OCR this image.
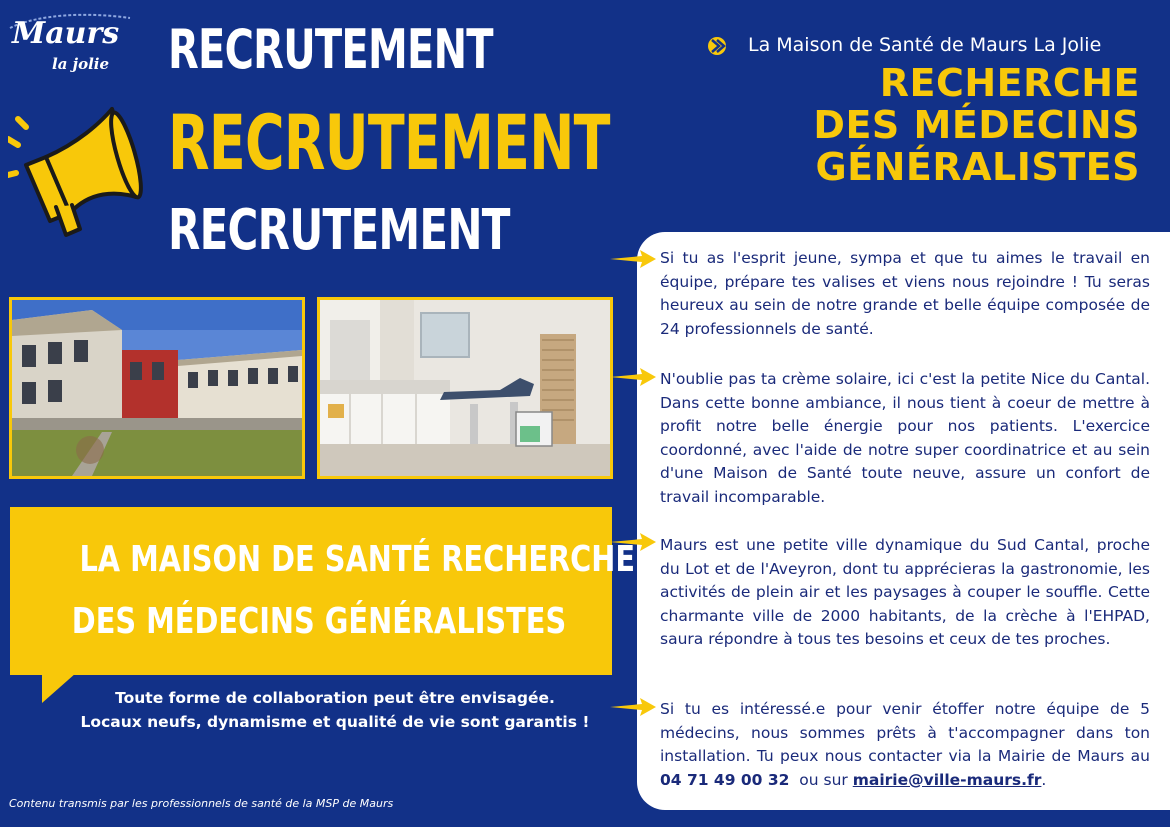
Maurs
la jolie RECRUTEMENT
RECRUTEMENT
RECRUTEMENT
La Maison de Santé de Maurs La Jolie
RECHERCHE
DES MÉDECINS
GÉNÉRALISTES
LA MAISON DE SANTÉ RECHERCHE
DES MÉDECINS GÉNÉRALISTES
Toute forme de collaboration peut être envisagée.
Locaux neufs, dynamisme et qualité de vie sont garantis !
Contenu transmis par les professionnels de santé de la MSP de Maurs
Si tu as l'esprit jeune, sympa et que tu aimes le travail en équipe, prépare tes valises et viens nous rejoindre ! Tu seras heureux au sein de notre grande et belle équipe composée de 24 professionnels de santé.
N'oublie pas ta crème solaire, ici c'est la petite Nice du Cantal. Dans cette bonne ambiance, il nous tient à coeur de mettre à profit notre belle énergie pour nos patients. L'exercice coordonné, avec l'aide de notre super coordinatrice et au sein d'une Maison de Santé toute neuve, assure un confort de travail incomparable.
Maurs est une petite ville dynamique du Sud Cantal, proche du Lot et de l'Aveyron, dont tu apprécieras la gastronomie, les activités de plein air et les paysages à couper le souffle. Cette charmante ville de 2000 habitants, de la crèche à l'EHPAD, saura répondre à tous tes besoins et ceux de tes proches.
Si tu es intéressé.e pour venir étoffer notre équipe de 5 médecins, nous sommes prêts à t'accompagner dans ton installation. Tu peux nous contacter via la Mairie de Maurs au 04 71 49 00 32  ou sur mairie@ville-maurs.fr.
